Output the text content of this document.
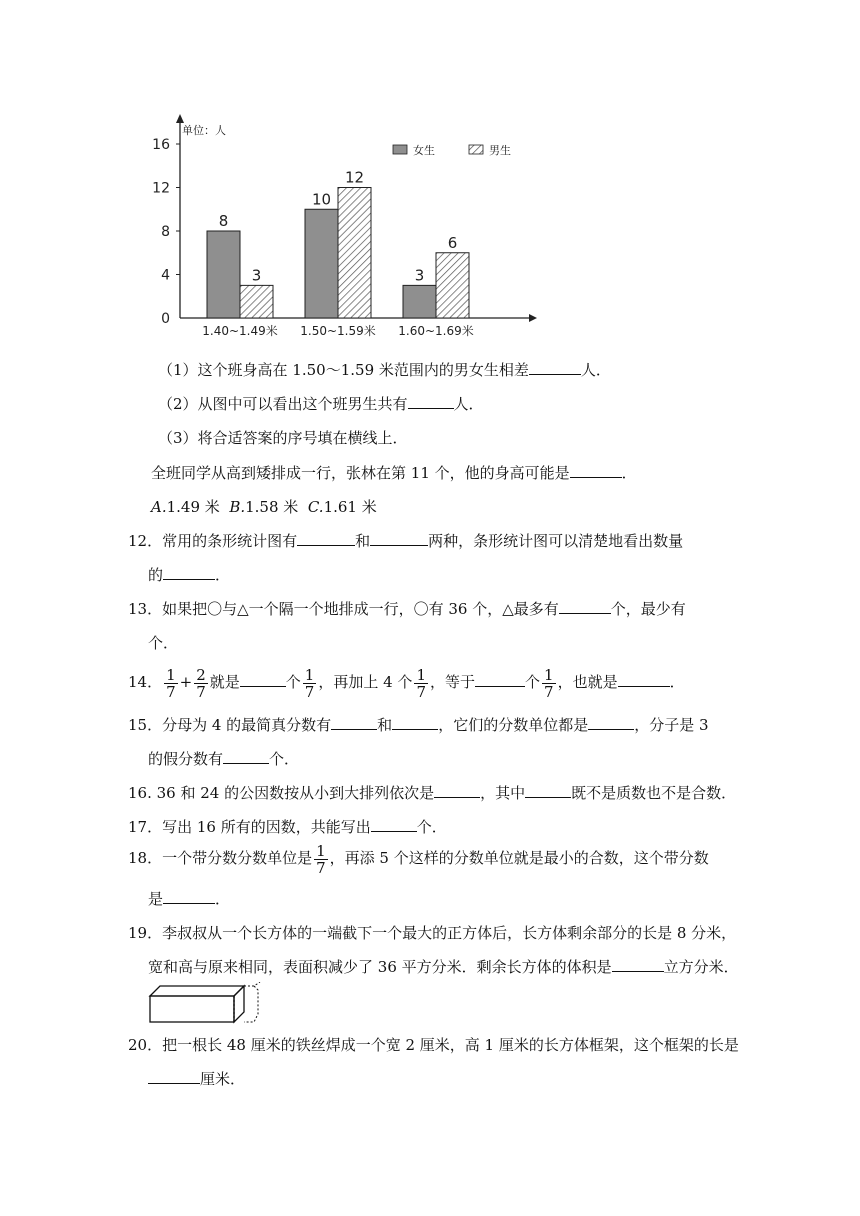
单位：人
0
4
8
12
16
8
3
1.40~1.49米
10
12
1.50~1.59米
3
6
1.60~1.69米
女生	男生
（1）这个班身高在 1.50～1.59 米范围内的男女生相差	人．
（2）从图中可以看出这个班男生共有	人．
（3）将合适答案的序号填在横线上．
全班同学从高到矮排成一行，张林在第 11 个，他的身高可能是	．
A.1.49 米 B.1.58 米 C.1.61 米
12．常用的条形统计图有	和	两种，条形统计图可以清楚地看出数量
的	．
13．如果把〇与△一个隔一个地排成一行，〇有 36 个，△最多有	个，最少有
个．
14． $\frac{1}{7} + \frac{2}{7}$ 就是	个 $\frac{1}{7}$ ，再加上 4 个 $\frac{1}{7}$ ，等于	个 $\frac{1}{7}$ ，也就是	．
15．分母为 4 的最简真分数有	和	，它们的分数单位都是	，分子是 3
的假分数有	个．
16. 36 和 24 的公因数按从小到大排列依次是	，其中	既不是质数也不是合数．
17．写出 16 所有的因数，共能写出	个．
18．一个带分数分数单位是 $\frac{1}{7}$ ，再添 5 个这样的分数单位就是最小的合数，这个带分数
是	．
19．李叔叔从一个长方体的一端截下一个最大的正方体后，长方体剩余部分的长是 8 分米，
宽和高与原来相同，表面积减少了 36 平方分米．剩余长方体的体积是	立方分米．
20．把一根长 48 厘米的铁丝焊成一个宽 2 厘米，高 1 厘米的长方体框架，这个框架的长是
厘米．
